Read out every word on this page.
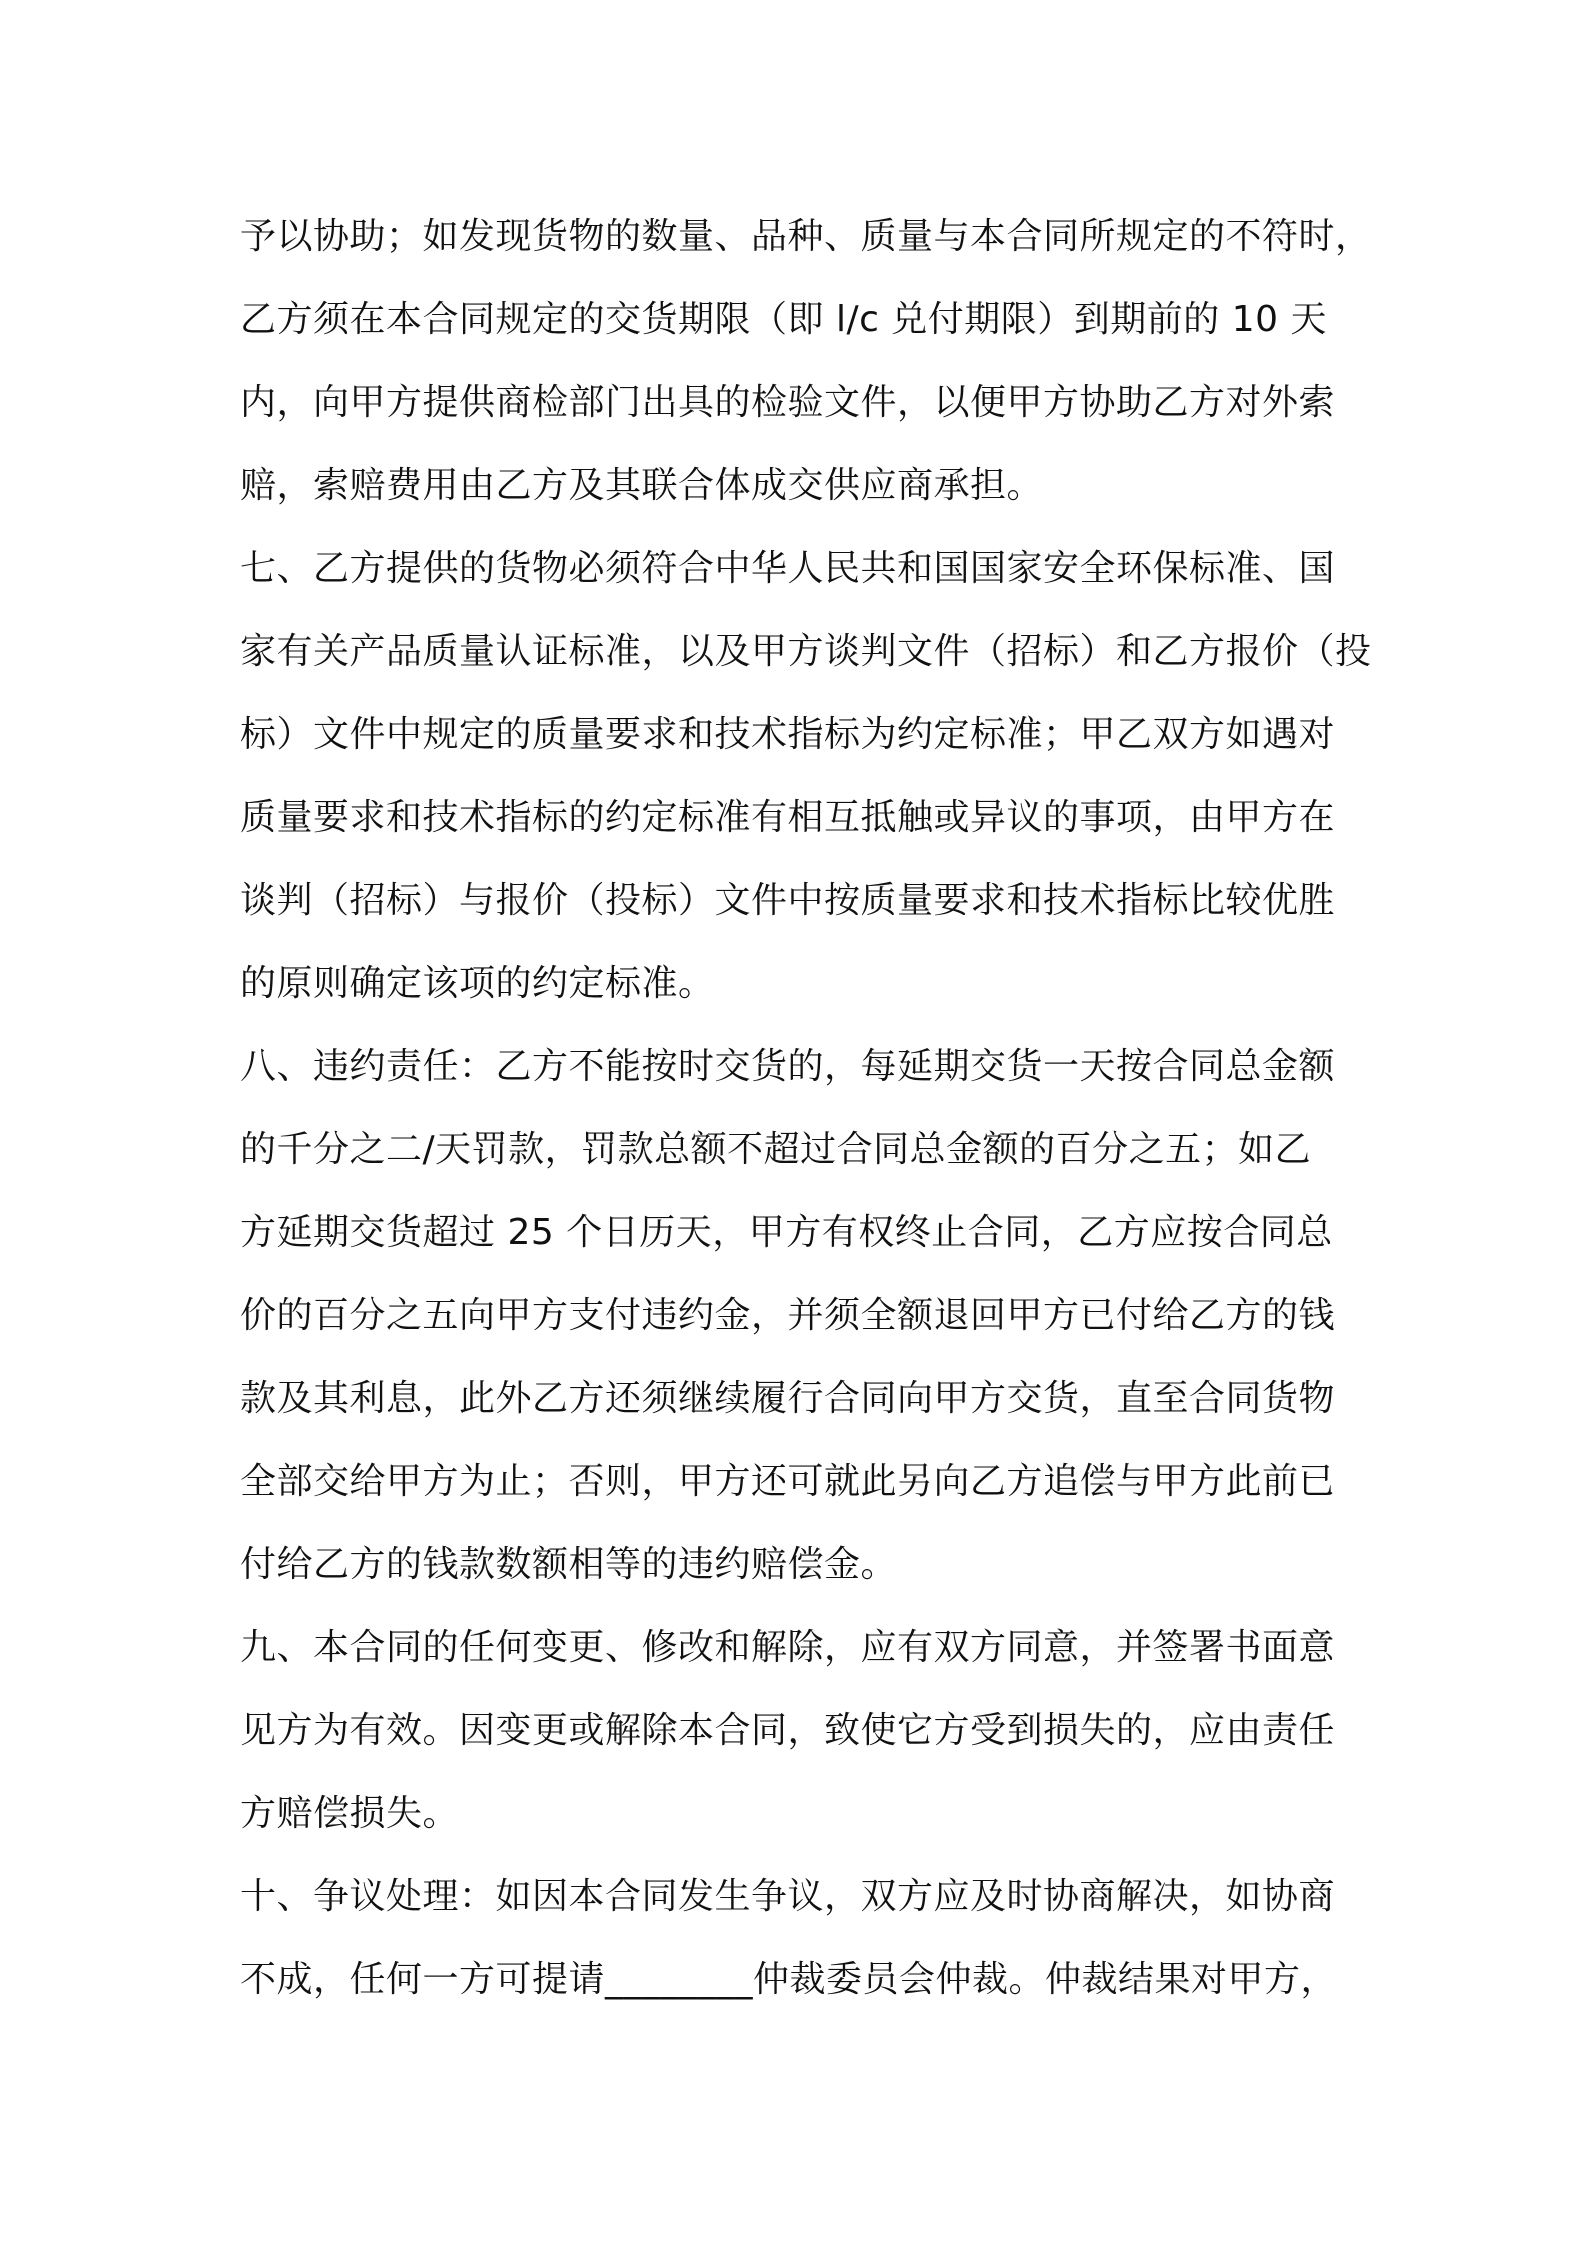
予以协助；如发现货物的数量、品种、质量与本合同所规定的不符时，
乙方须在本合同规定的交货期限（即 l/c 兑付期限）到期前的 10 天
内，向甲方提供商检部门出具的检验文件，以便甲方协助乙方对外索
赔，索赔费用由乙方及其联合体成交供应商承担。
七、乙方提供的货物必须符合中华人民共和国国家安全环保标准、国
家有关产品质量认证标准，以及甲方谈判文件（招标）和乙方报价（投
标）文件中规定的质量要求和技术指标为约定标准；甲乙双方如遇对
质量要求和技术指标的约定标准有相互抵触或异议的事项，由甲方在
谈判（招标）与报价（投标）文件中按质量要求和技术指标比较优胜
的原则确定该项的约定标准。
八、违约责任：乙方不能按时交货的，每延期交货一天按合同总金额
的千分之二/天罚款，罚款总额不超过合同总金额的百分之五；如乙
方延期交货超过 25 个日历天，甲方有权终止合同，乙方应按合同总
价的百分之五向甲方支付违约金，并须全额退回甲方已付给乙方的钱
款及其利息，此外乙方还须继续履行合同向甲方交货，直至合同货物
全部交给甲方为止；否则，甲方还可就此另向乙方追偿与甲方此前已
付给乙方的钱款数额相等的违约赔偿金。
九、本合同的任何变更、修改和解除，应有双方同意，并签署书面意
见方为有效。因变更或解除本合同，致使它方受到损失的，应由责任
方赔偿损失。
十、争议处理：如因本合同发生争议，双方应及时协商解决，如协商
不成，任何一方可提请________仲裁委员会仲裁。仲裁结果对甲方，
